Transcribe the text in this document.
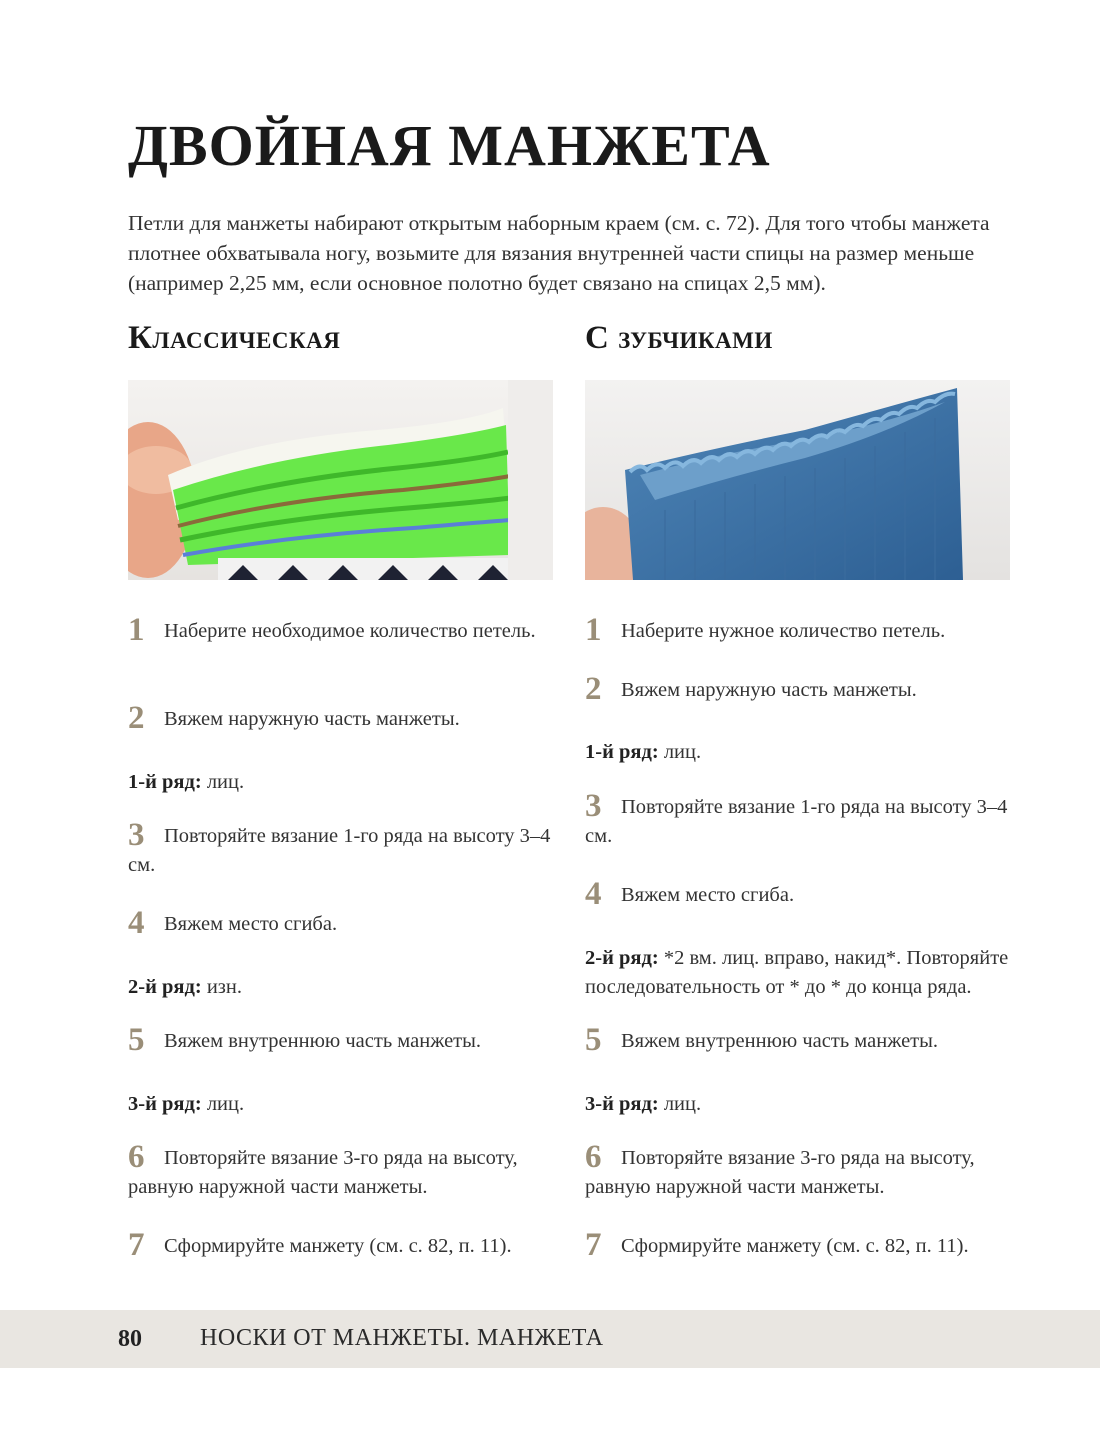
ДВОЙНАЯ МАНЖЕТА
Петли для манжеты набирают открытым наборным краем (см. с. 72). Для того чтобы манжета плотнее обхватывала ногу, возьмите для вязания внутренней части спицы на размер меньше (например 2,25 мм, если основное полотно будет связано на спицах 2,5 мм).
Классическая
1 Наберите необходимое количество петель.
2 Вяжем наружную часть манжеты.
1-й ряд: лиц.
3 Повторяйте вязание 1-го ряда на высоту 3–4 см.
4 Вяжем место сгиба.
2-й ряд: изн.
5 Вяжем внутреннюю часть манжеты.
3-й ряд: лиц.
6 Повторяйте вязание 3-го ряда на высоту, равную наружной части манжеты.
7 Сформируйте манжету (см. с. 82, п. 11).
С зубчиками
1 Наберите нужное количество петель.
2 Вяжем наружную часть манжеты.
1-й ряд: лиц.
3 Повторяйте вязание 1-го ряда на высоту 3–4 см.
4 Вяжем место сгиба.
2-й ряд: *2 вм. лиц. вправо, накид*. Повторяйте последовательность от * до * до конца ряда.
5 Вяжем внутреннюю часть манжеты.
3-й ряд: лиц.
6 Повторяйте вязание 3-го ряда на высоту, равную наружной части манжеты.
7 Сформируйте манжету (см. с. 82, п. 11).
80 НОСКИ ОТ МАНЖЕТЫ. МАНЖЕТА
